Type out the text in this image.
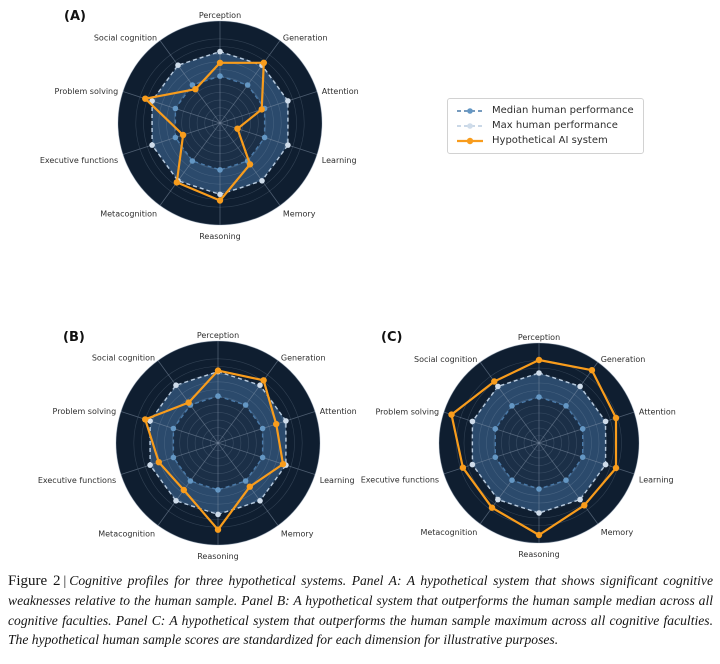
Perception
Generation
Attention
Learning
Memory
Reasoning
Metacognition
Executive functions
Problem solving
Social cognition
(A)
Perception
Generation
Attention
Learning
Memory
Reasoning
Metacognition
Executive functions
Problem solving
Social cognition
(B)	Perception
Generation
Attention
Learning
Memory
Reasoning
Metacognition
Executive functions
Problem solving
Social cognition
(C)
Median human performance
Max human performance
Hypothetical AI system
Figure 2 | Cognitive profiles for three hypothetical systems. Panel A: A hypothetical system that shows significant cognitive weaknesses relative to the human sample. Panel B: A hypothetical system that outperforms the human sample median across all cognitive faculties. Panel C: A hypothetical system that outperforms the human sample maximum across all cognitive faculties. The hypothetical human sample scores are standardized for each dimension for illustrative purposes.
